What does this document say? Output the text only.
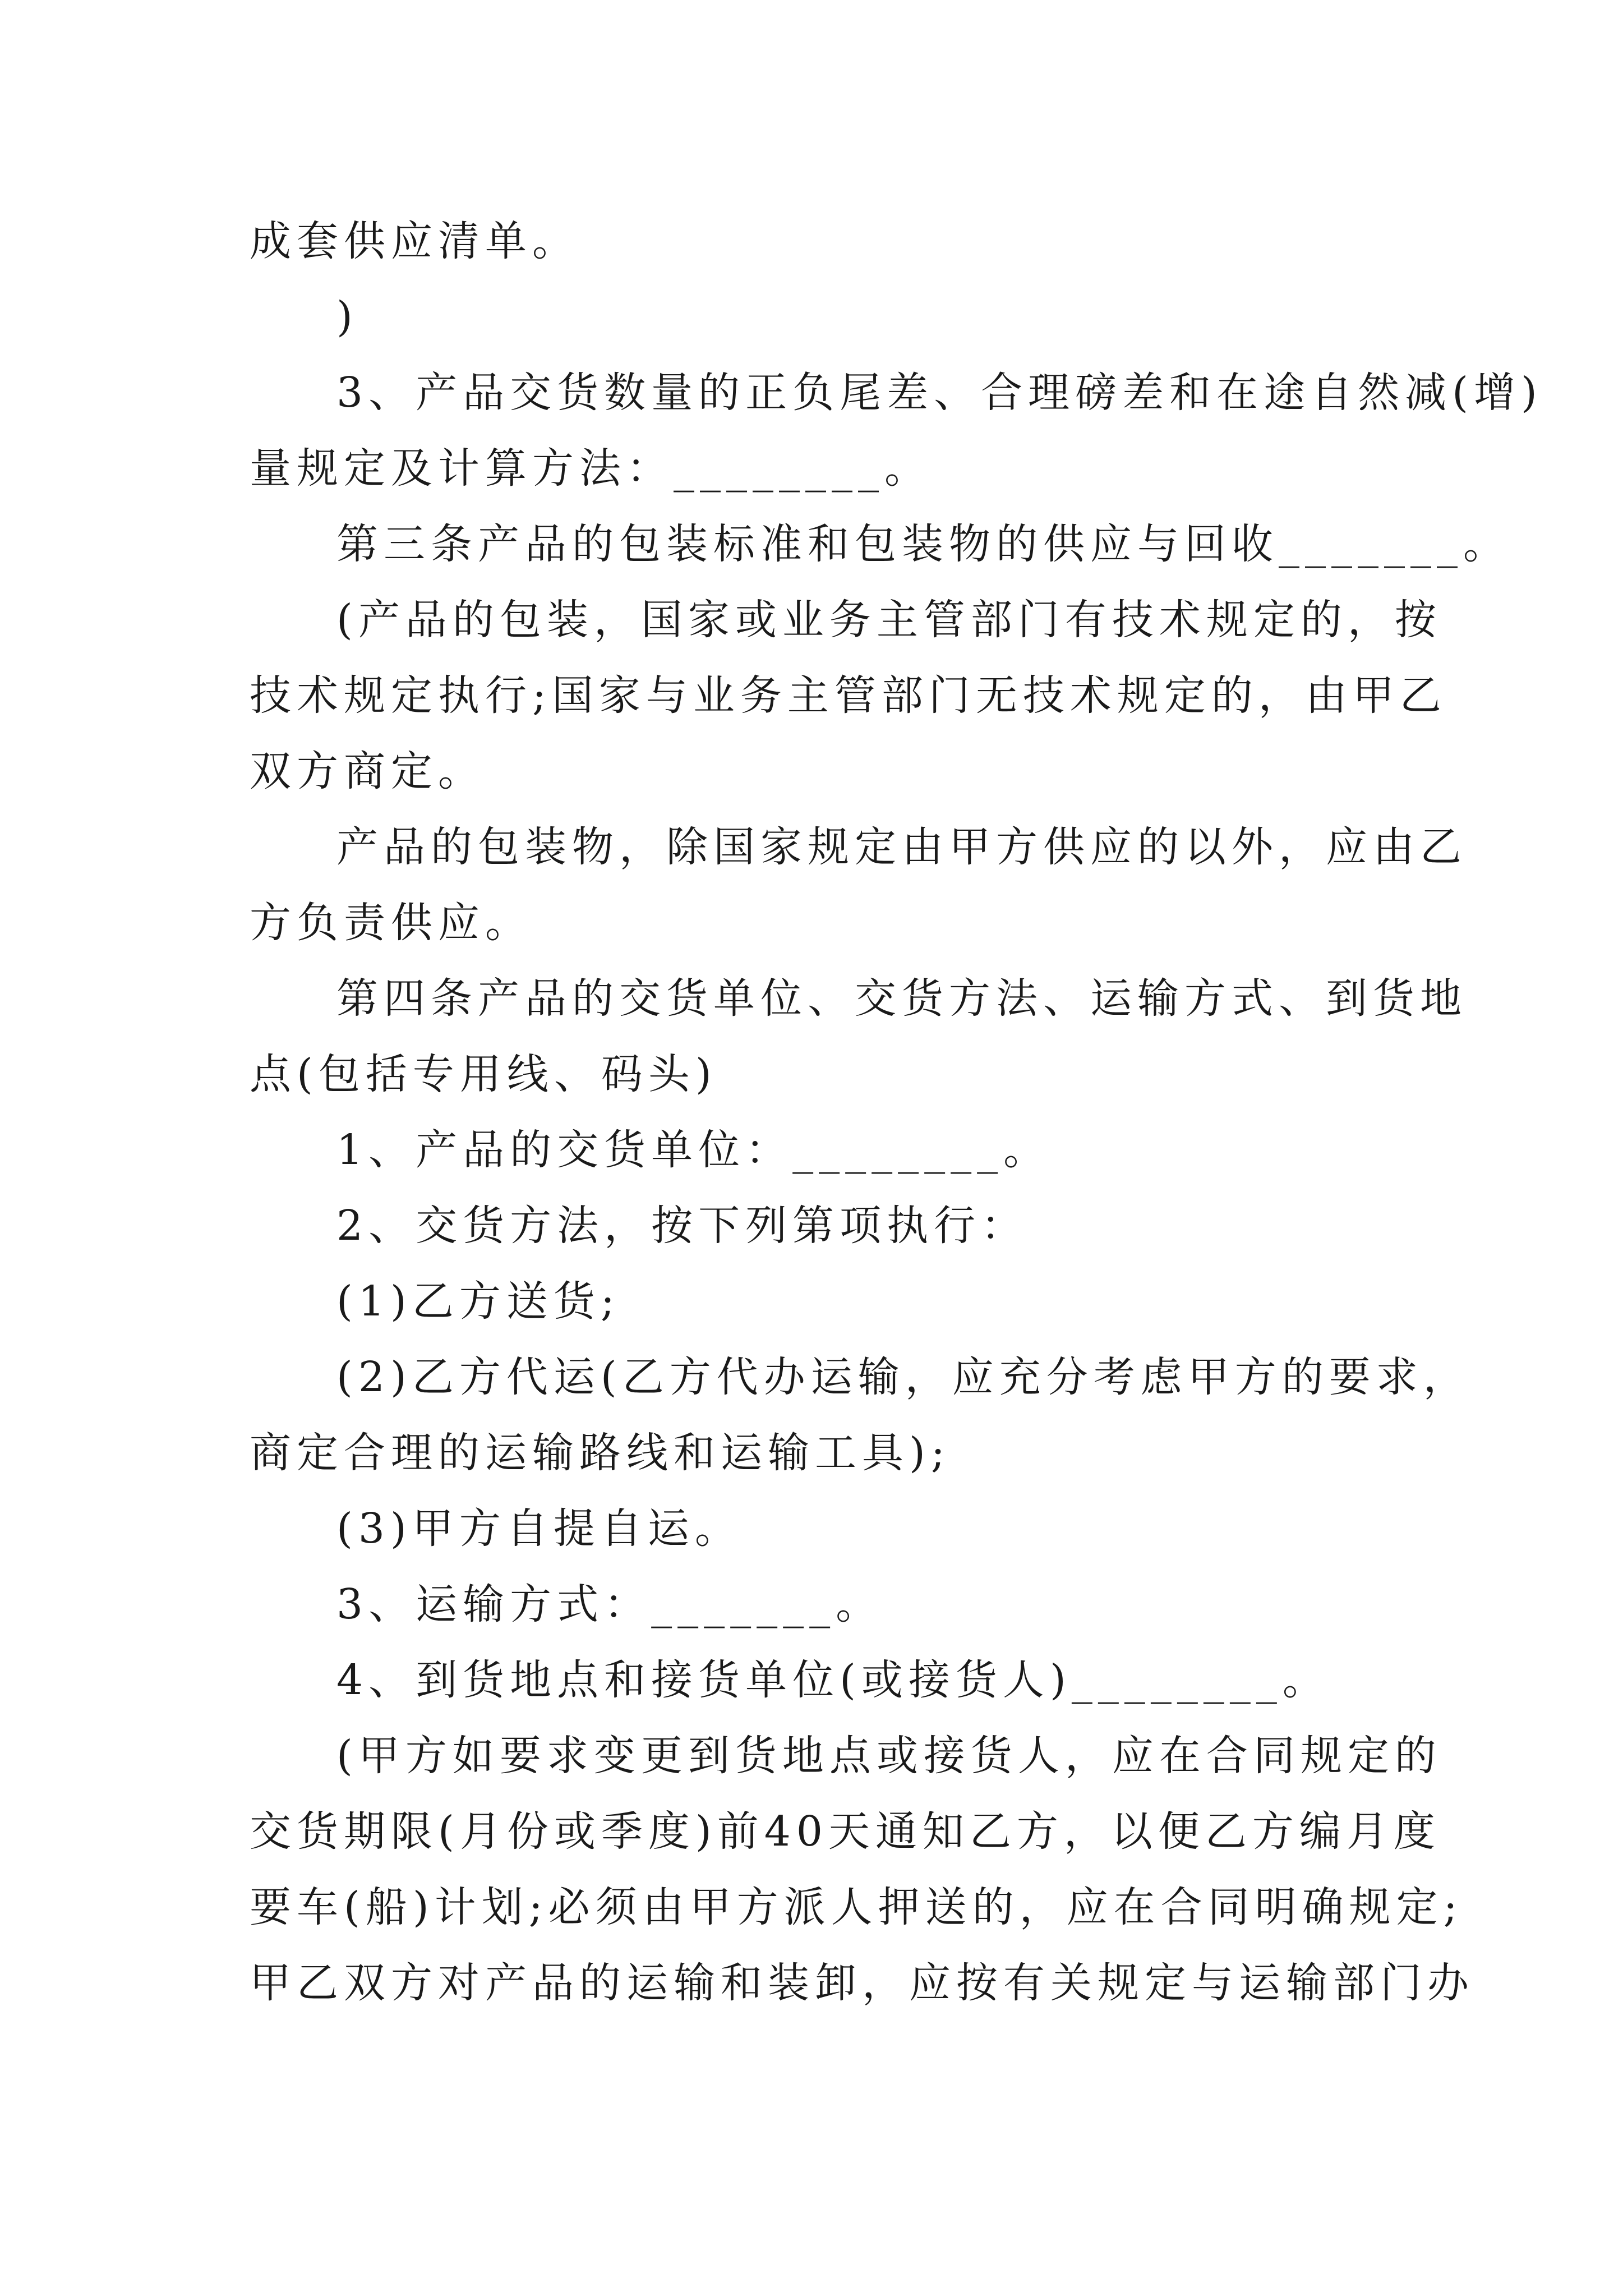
成套供应清单。
)
3、产品交货数量的正负尾差、合理磅差和在途自然减(增)
量规定及计算方法：________。
第三条产品的包装标准和包装物的供应与回收_______。
(产品的包装，国家或业务主管部门有技术规定的，按
技术规定执行;国家与业务主管部门无技术规定的，由甲乙
双方商定。
产品的包装物，除国家规定由甲方供应的以外，应由乙
方负责供应。
第四条产品的交货单位、交货方法、运输方式、到货地
点(包括专用线、码头)
1、产品的交货单位：________。
2、交货方法，按下列第项执行：
(1)乙方送货;
(2)乙方代运(乙方代办运输，应充分考虑甲方的要求，
商定合理的运输路线和运输工具);
(3)甲方自提自运。
3、运输方式：_______。
4、到货地点和接货单位(或接货人)________。
(甲方如要求变更到货地点或接货人，应在合同规定的
交货期限(月份或季度)前40天通知乙方，以便乙方编月度
要车(船)计划;必须由甲方派人押送的，应在合同明确规定;
甲乙双方对产品的运输和装卸，应按有关规定与运输部门办
